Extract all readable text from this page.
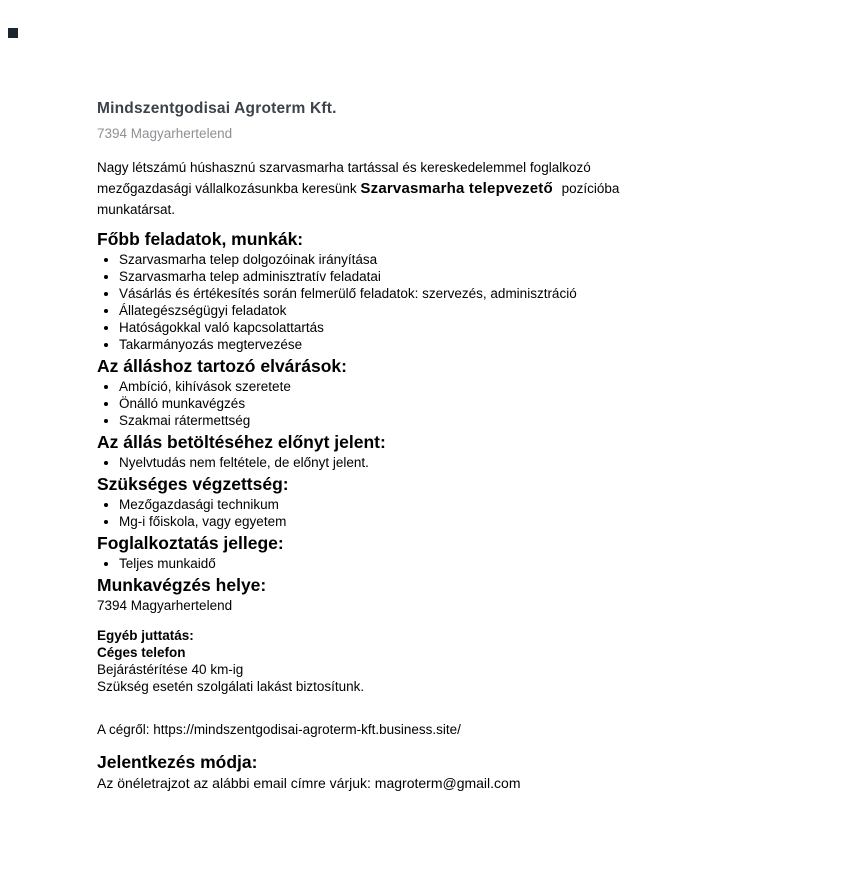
Mindszentgodisai Agroterm Kft.
7394 Magyarhertelend

Nagy létszámú húshasznú szarvasmarha tartással és kereskedelemmel foglalkozó
mezőgazdasági vállalkozásunkba keresünk Szarvasmarha telepvezető pozícióba
munkatársat.

Főbb feladatok, munkák:
• Szarvasmarha telep dolgozóinak irányítása
• Szarvasmarha telep adminisztratív feladatai
• Vásárlás és értékesítés során felmerülő feladatok: szervezés, adminisztráció
• Állategészségügyi feladatok
• Hatóságokkal való kapcsolattartás
• Takarmányozás megtervezése
Az álláshoz tartozó elvárások:
• Ambíció, kihívások szeretete
• Önálló munkavégzés
• Szakmai rátermettség
Az állás betöltéséhez előnyt jelent:
• Nyelvtudás nem feltétele, de előnyt jelent.
Szükséges végzettség:
• Mezőgazdasági technikum
• Mg-i főiskola, vagy egyetem
Foglalkoztatás jellege:
• Teljes munkaidő
Munkavégzés helye:

7394 Magyarhertelend

Egyéb juttatás:
Céges telefon
Bejárástérítése 40 km-ig
Szükség esetén szolgálati lakást biztosítunk.

A cégről: https://mindszentgodisai-agroterm-kft.business.site/

Jelentkezés módja:

Az önéletrajzot az alábbi email címre várjuk: magroterm@gmail.com
